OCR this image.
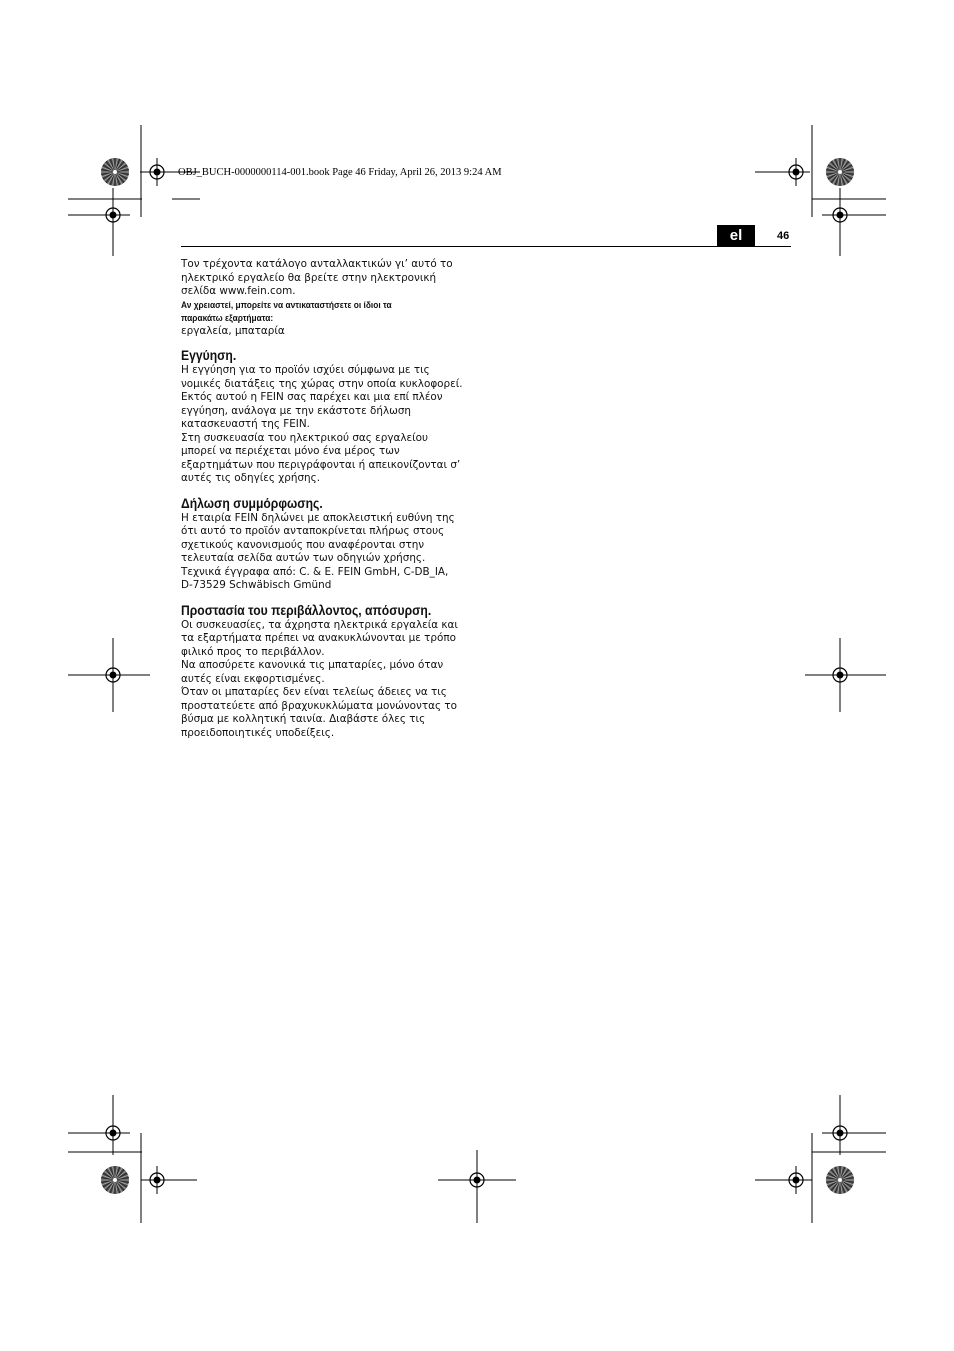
OBJ_BUCH-0000000114-001.book Page 46 Friday, April 26, 2013 9:24 AM
el	46

Τον τρέχοντα κατάλογο ανταλλακτικών γι’ αυτό το
ηλεκτρικό εργαλείο θα βρείτε στην ηλεκτρονική
σελίδα www.fein.com.

Αν χρειαστεί, μπορείτε να αντικαταστήσετε οι ίδιοι τα
παρακάτω εξαρτήματα:

εργαλεία, μπαταρία

Εγγύηση.

Η εγγύηση για το προϊόν ισχύει σύμφωνα με τις
νομικές διατάξεις της χώρας στην οποία κυκλοφορεί.
Εκτός αυτού η FEIN σας παρέχει και μια επί πλέον
εγγύηση, ανάλογα με την εκάστοτε δήλωση
κατασκευαστή της FEIN.

Στη συσκευασία του ηλεκτρικού σας εργαλείου
μπορεί να περιέχεται μόνο ένα μέρος των
εξαρτημάτων που περιγράφονται ή απεικονίζονται σ’
αυτές τις οδηγίες χρήσης.

Δήλωση συμμόρφωσης.

Η εταιρία FEIN δηλώνει με αποκλειστική ευθύνη της
ότι αυτό το προϊόν ανταποκρίνεται πλήρως στους
σχετικούς κανονισμούς που αναφέρονται στην
τελευταία σελίδα αυτών των οδηγιών χρήσης.

Τεχνικά έγγραφα από: C. & E. FEIN GmbH, C-DB_IA,
D-73529 Schwäbisch Gmünd

Προστασία του περιβάλλοντος, απόσυρση.

Οι συσκευασίες, τα άχρηστα ηλεκτρικά εργαλεία και
τα εξαρτήματα πρέπει να ανακυκλώνονται με τρόπο
φιλικό προς το περιβάλλον.

Να αποσύρετε κανονικά τις μπαταρίες, μόνο όταν
αυτές είναι εκφορτισμένες.

Όταν οι μπαταρίες δεν είναι τελείως άδειες να τις
προστατεύετε από βραχυκυκλώματα μονώνοντας το
βύσμα με κολλητική ταινία. Διαβάστε όλες τις
προειδοποιητικές υποδείξεις.
